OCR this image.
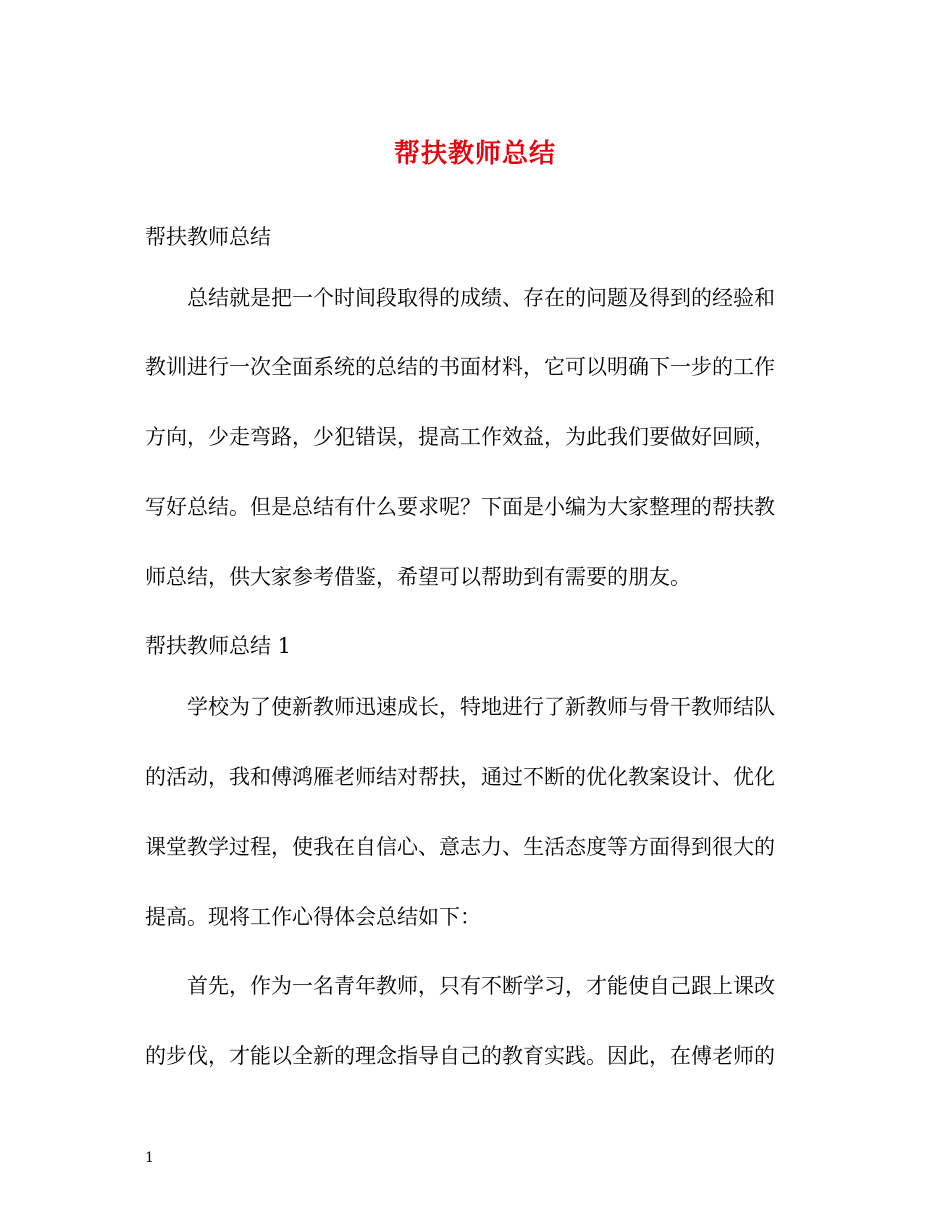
帮扶教师总结
帮扶教师总结
总结就是把一个时间段取得的成绩、存在的问题及得到的经验和
教训进行一次全面系统的总结的书面材料，它可以明确下一步的工作
方向，少走弯路，少犯错误，提高工作效益，为此我们要做好回顾，
写好总结。但是总结有什么要求呢？下面是小编为大家整理的帮扶教
师总结，供大家参考借鉴，希望可以帮助到有需要的朋友。
帮扶教师总结 1
学校为了使新教师迅速成长，特地进行了新教师与骨干教师结队
的活动，我和傅鸿雁老师结对帮扶，通过不断的优化教案设计、优化
课堂教学过程，使我在自信心、意志力、生活态度等方面得到很大的
提高。现将工作心得体会总结如下：
首先，作为一名青年教师，只有不断学习，才能使自己跟上课改
的步伐，才能以全新的理念指导自己的教育实践。因此，在傅老师的
1
